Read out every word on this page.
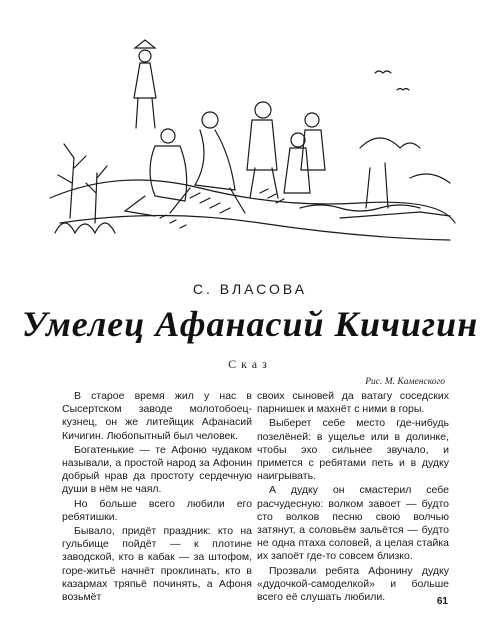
С. ВЛАСОВА
Умелец Афанасий Кичигин
Сказ
Рис. М. Каменского

В старое время жил у нас в Сысертском заводе молотобоец-кузнец, он же литейщик Афанасий Кичигин. Любопытный был человек.

Богатенькие — те Афоню чудаком называли, а простой народ за Афонин добрый нрав да простоту сердечную души в нём не чаял.

Но больше всего любили его ребятишки.

Бывало, придёт праздник: кто на гульбище пойдёт — к плотине заводской, кто в кабак — за штофом, горе-житьё начнёт проклинать, кто в казармах тряпьё починять, а Афоня возьмёт

своих сыновей да ватагу соседских парнишек и махнёт с ними в горы.

Выберет себе место где-нибудь позелёней: в ущелье или в долинке, чтобы эхо сильнее звучало, и примется с ребятами петь и в дудку наигрывать.

А дудку он смастерил себе расчудесную: волком завоет — будто сто волков песню свою волчью затянут, а соловьём зальётся — будто не одна птаха соловей, а целая стайка их запоёт где-то совсем близко.

Прозвали ребята Афонину дудку «дудочкой-самоделкой» и больше всего её слушать любили.	61
